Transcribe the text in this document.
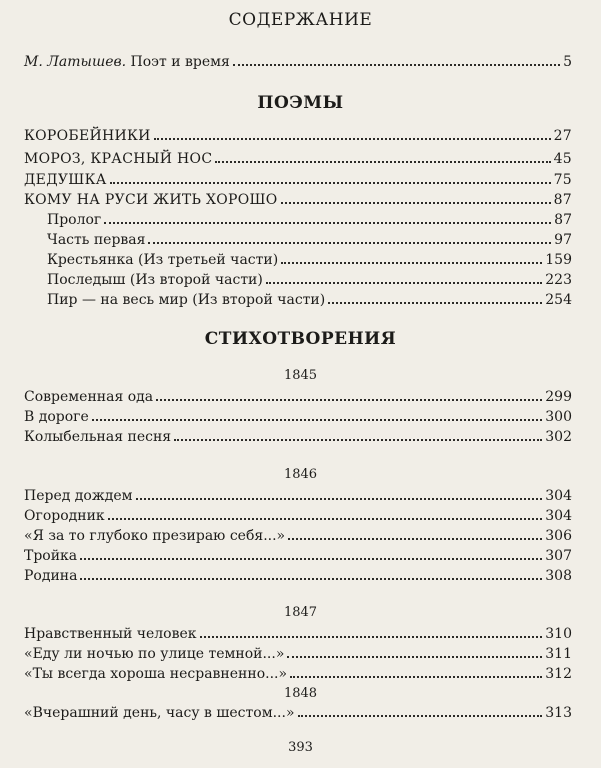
СОДЕРЖАНИЕ
М. Латышев. Поэт и время	5
ПОЭМЫ
КОРОБЕЙНИКИ	27
МОРОЗ, КРАСНЫЙ НОС	45
ДЕДУШКА	75
КОМУ НА РУСИ ЖИТЬ ХОРОШО	87
Пролог	87
Часть первая	97
Крестьянка (Из третьей части)	159
Последыш (Из второй части)	223
Пир — на весь мир (Из второй части)	254
СТИХОТВОРЕНИЯ
1845
Современная ода	299
В дороге	300
Колыбельная песня	302
1846
Перед дождем	304
Огородник	304
«Я за то глубоко презираю себя...»	306
Тройка	307
Родина	308
1847
Нравственный человек	310
«Еду ли ночью по улице темной...»	311
«Ты всегда хороша несравненно...»	312
1848
«Вчерашний день, часу в шестом...»	313
393
